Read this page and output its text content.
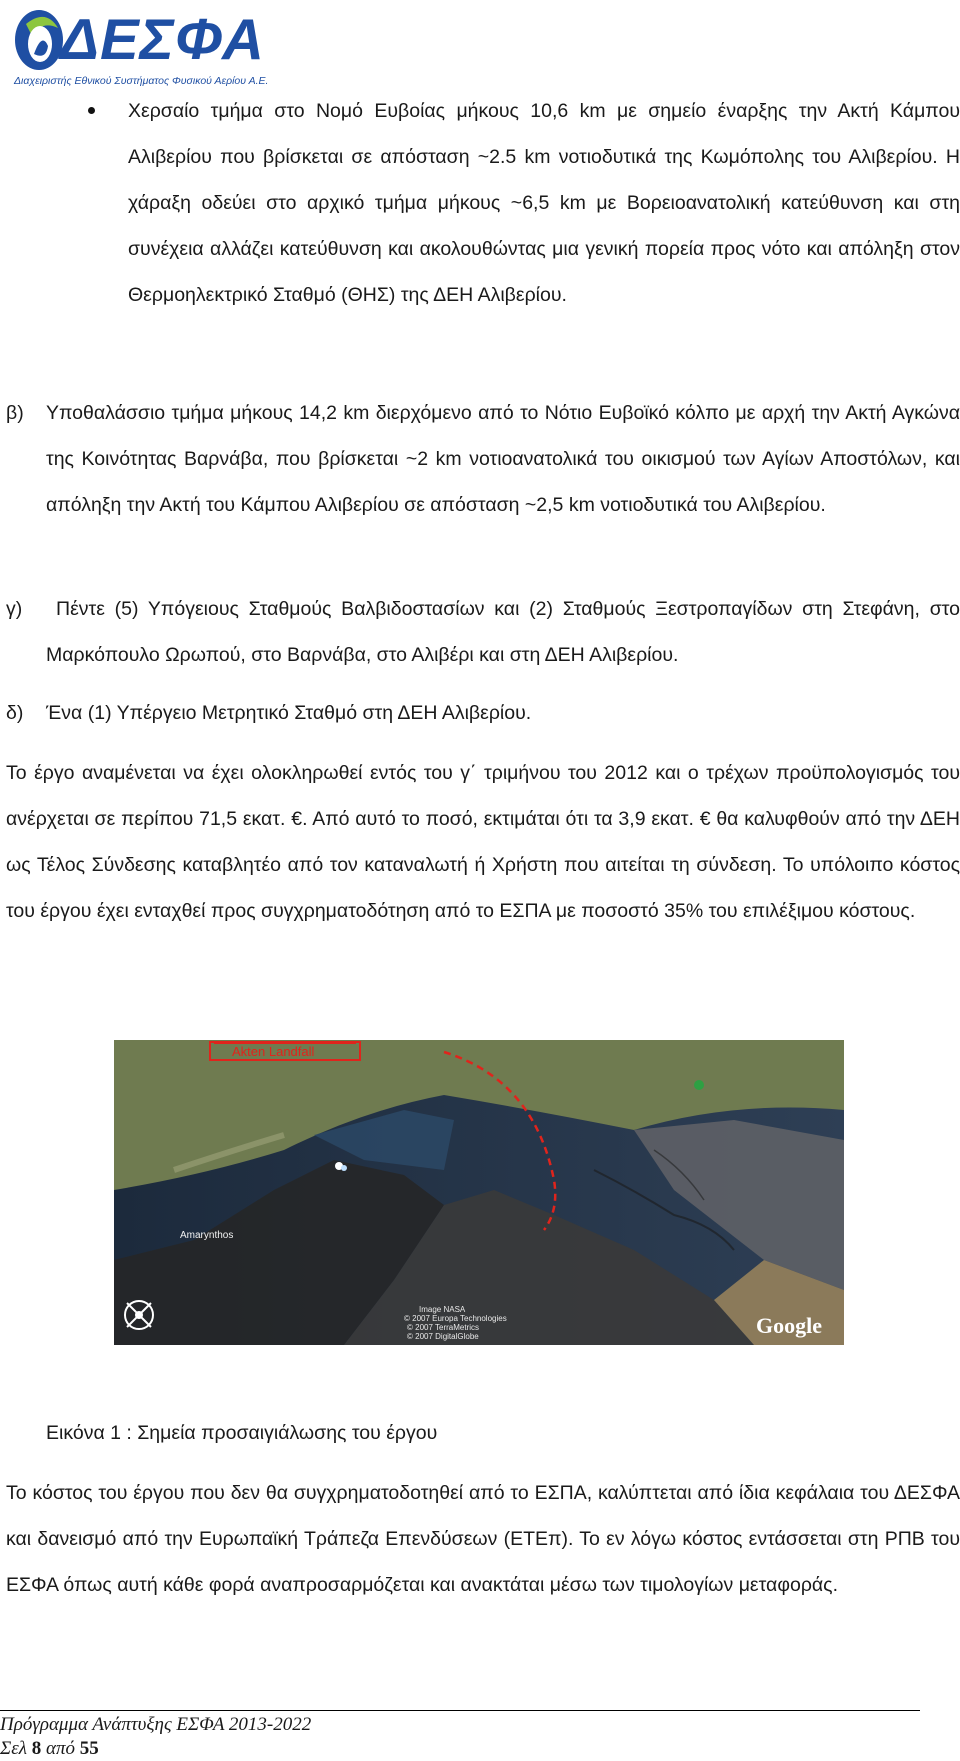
ΔΕΣΦΑ
Διαχειριστής Εθνικού Συστήματος Φυσικού Αερίου Α.Ε.
Χερσαίο τμήμα στο Νομό Ευβοίας μήκους 10,6 km με σημείο έναρξης την Ακτή Κάμπου Αλιβερίου που βρίσκεται σε απόσταση ~2.5 km νοτιοδυτικά της Κωμόπολης του Αλιβερίου. Η χάραξη οδεύει στο αρχικό τμήμα μήκους ~6,5 km με Βορειοανατολική κατεύθυνση και στη συνέχεια αλλάζει κατεύθυνση και ακολουθώντας μια γενική πορεία προς νότο και απόληξη στον Θερμοηλεκτρικό Σταθμό (ΘΗΣ) της ΔΕΗ Αλιβερίου.
β) Υποθαλάσσιο τμήμα μήκους 14,2 km διερχόμενο από το Νότιο Ευβοϊκό κόλπο με αρχή την Ακτή Αγκώνα της Κοινότητας Βαρνάβα, που βρίσκεται ~2 km νοτιοανατολικά του οικισμού των Αγίων Αποστόλων, και απόληξη την Ακτή του Κάμπου Αλιβερίου σε απόσταση ~2,5 km νοτιοδυτικά του Αλιβερίου.
γ)	Πέντε (5) Υπόγειους Σταθμούς Βαλβιδοστασίων και (2) Σταθμούς Ξεστροπαγίδων στη Στεφάνη, στο Μαρκόπουλο Ωρωπού, στο Βαρνάβα, στο Αλιβέρι και στη ΔΕΗ Αλιβερίου.
δ) Ένα (1) Υπέργειο Μετρητικό Σταθμό στη ΔΕΗ Αλιβερίου.
Το έργο αναμένεται να έχει ολοκληρωθεί εντός του γ΄ τριμήνου του 2012 και ο τρέχων προϋπολογισμός του ανέρχεται σε περίπου 71,5 εκατ. €. Από αυτό το ποσό, εκτιμάται ότι τα 3,9 εκατ. € θα καλυφθούν από την ΔΕΗ ως Τέλος Σύνδεσης καταβλητέο από τον καταναλωτή ή Χρήστη που αιτείται τη σύνδεση. Το υπόλοιπο κόστος του έργου έχει ενταχθεί προς συγχρηματοδότηση από το ΕΣΠΑ με ποσοστό 35% του επιλέξιμου κόστους.
Akten Landfall
Amarynthos
Image NASA
© 2007 Europa Technologies
© 2007 TerraMetrics
© 2007 DigitalGlobe	Google
Εικόνα 1 : Σημεία προσαιγιάλωσης του έργου
Το κόστος του έργου που δεν θα συγχρηματοδοτηθεί από το ΕΣΠΑ, καλύπτεται από ίδια κεφάλαια του ΔΕΣΦΑ και δανεισμό από την Ευρωπαϊκή Τράπεζα Επενδύσεων (ΕΤΕπ). Το εν λόγω κόστος εντάσσεται στη ΡΠΒ του ΕΣΦΑ όπως αυτή κάθε φορά αναπροσαρμόζεται και ανακτάται μέσω των τιμολογίων μεταφοράς.
Πρόγραμμα Ανάπτυξης ΕΣΦΑ 2013-2022
Σελ 8 από 55
